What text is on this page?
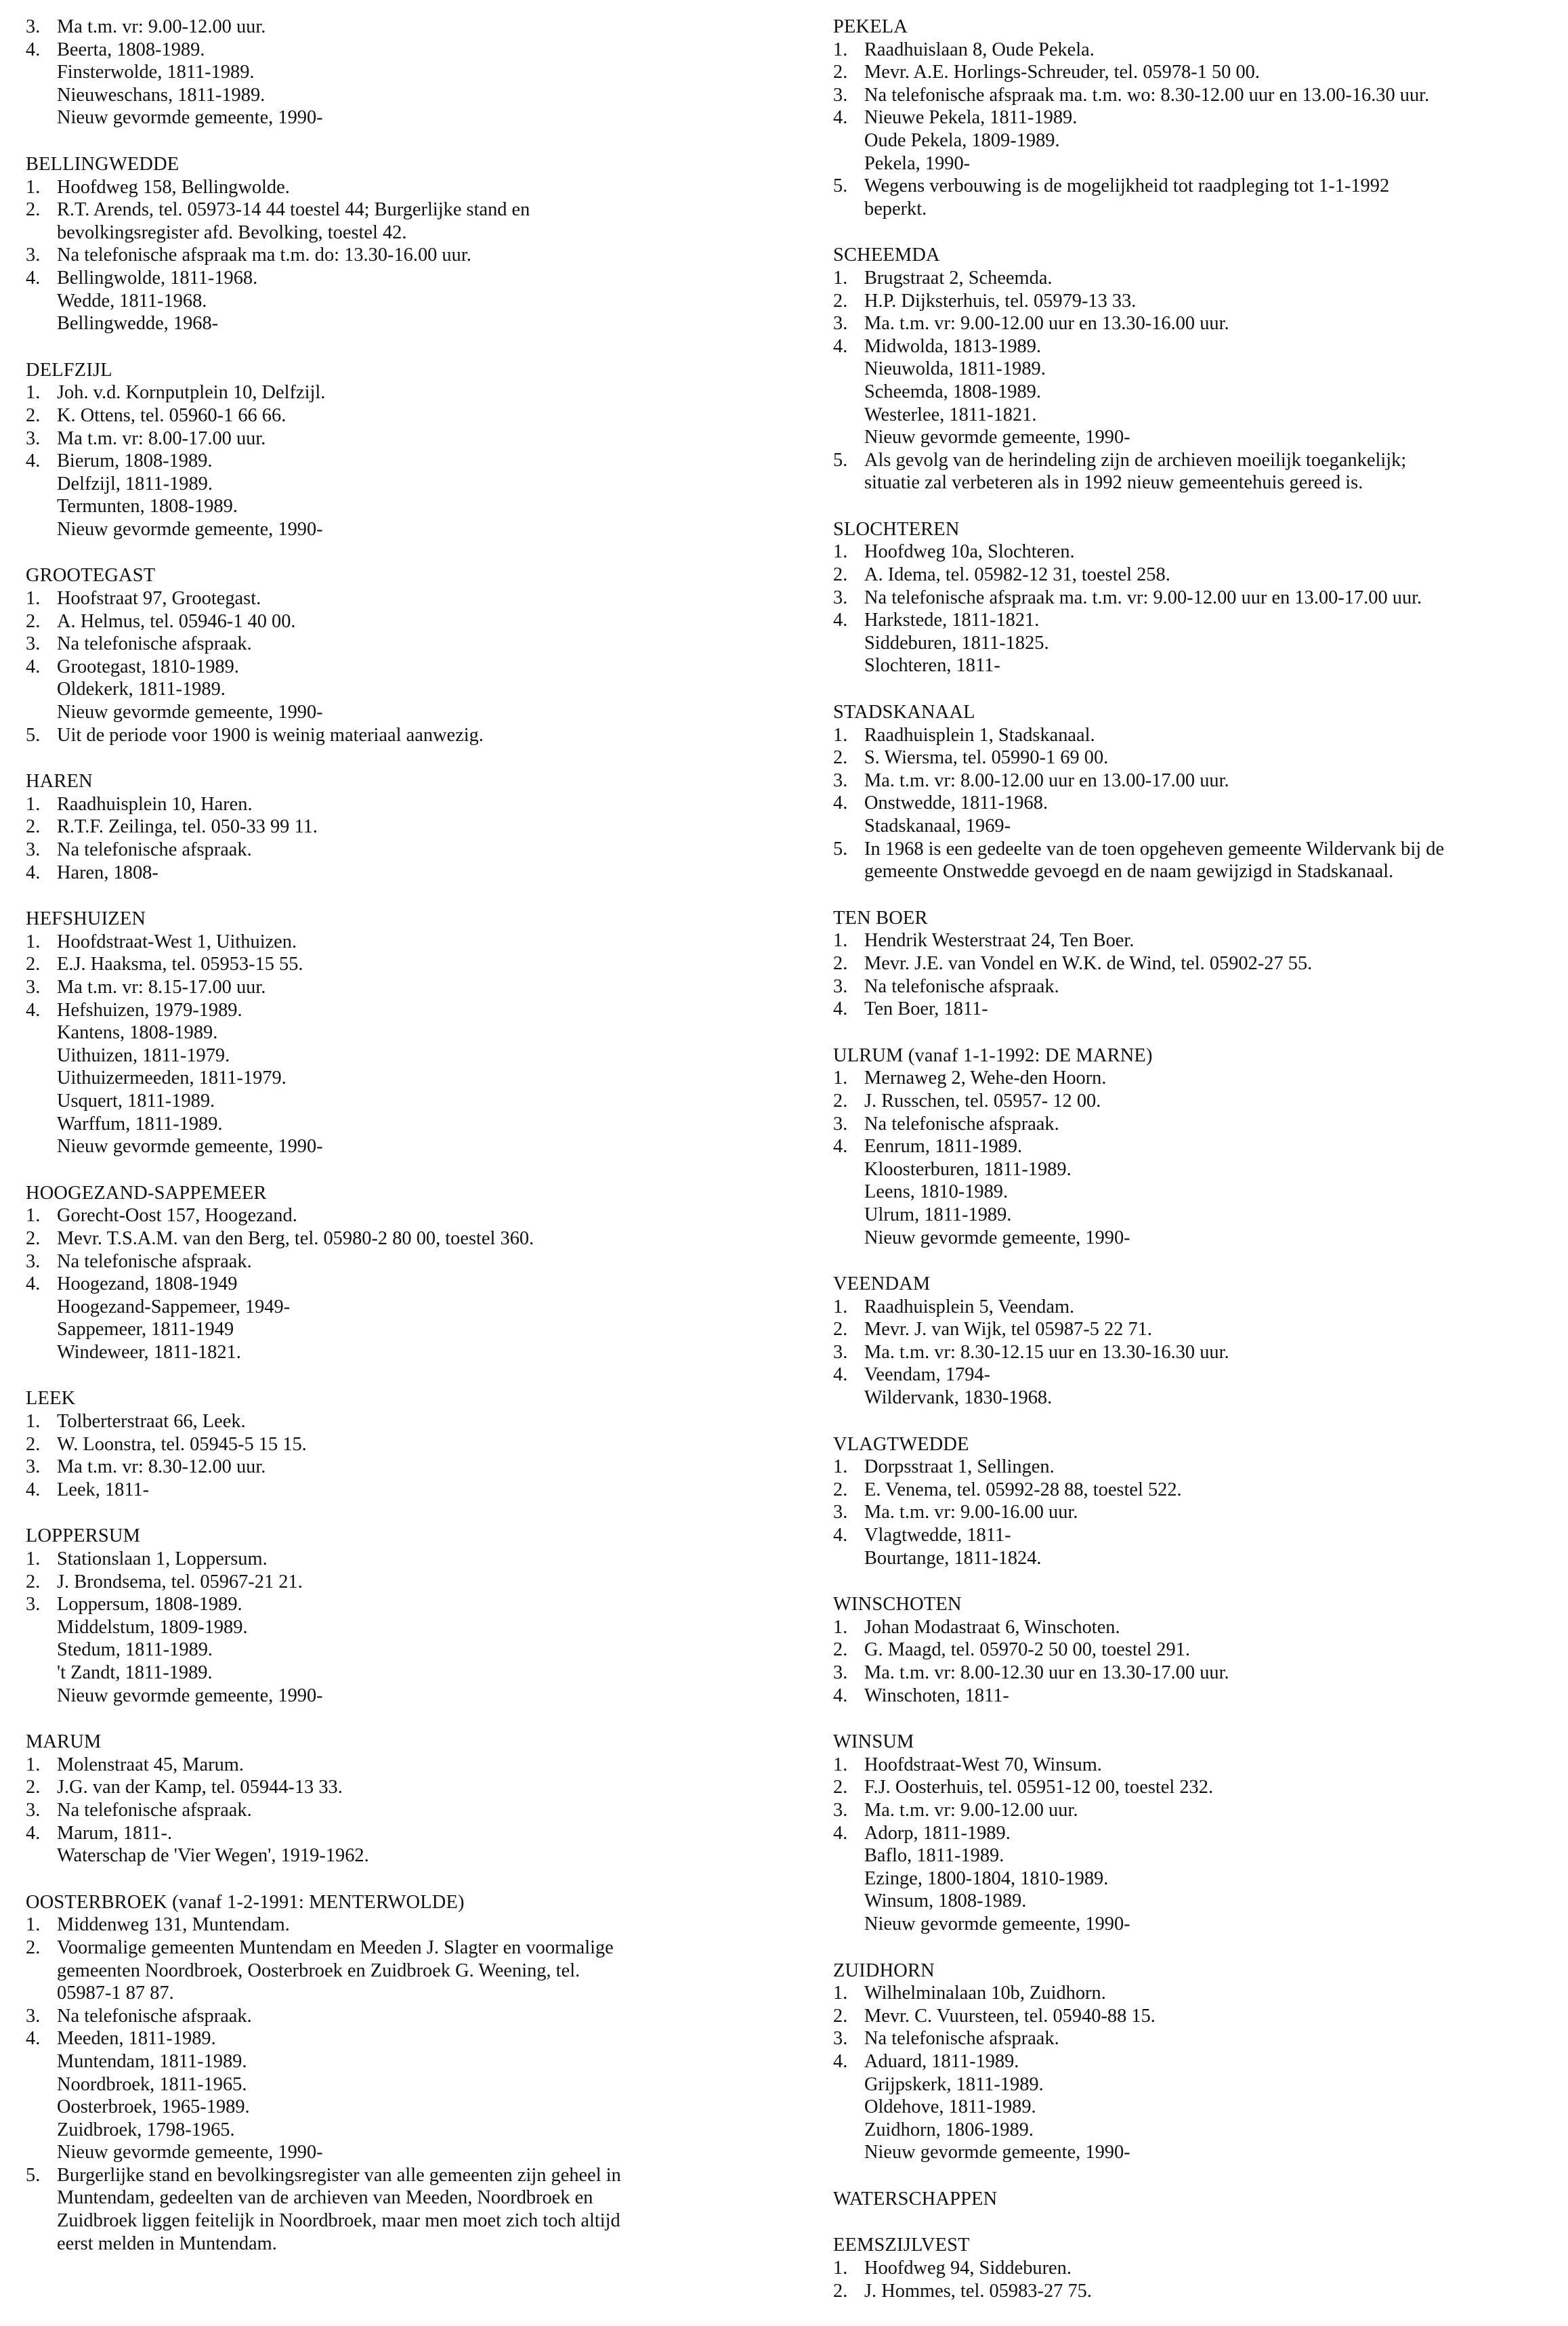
3. Ma t.m. vr: 9.00-12.00 uur.
4. Beerta, 1808-1989.
Finsterwolde, 1811-1989.
Nieuweschans, 1811-1989.
Nieuw gevormde gemeente, 1990-
BELLINGWEDDE
1. Hoofdweg 158, Bellingwolde.
2. R.T. Arends, tel. 05973-14 44 toestel 44; Burgerlijke stand en
bevolkingsregister afd. Bevolking, toestel 42.
3. Na telefonische afspraak ma t.m. do: 13.30-16.00 uur.
4. Bellingwolde, 1811-1968.
Wedde, 1811-1968.
Bellingwedde, 1968-
DELFZIJL
1. Joh. v.d. Kornputplein 10, Delfzijl.
2. K. Ottens, tel. 05960-1 66 66.
3. Ma t.m. vr: 8.00-17.00 uur.
4. Bierum, 1808-1989.
Delfzijl, 1811-1989.
Termunten, 1808-1989.
Nieuw gevormde gemeente, 1990-
GROOTEGAST
1. Hoofstraat 97, Grootegast.
2. A. Helmus, tel. 05946-1 40 00.
3. Na telefonische afspraak.
4. Grootegast, 1810-1989.
Oldekerk, 1811-1989.
Nieuw gevormde gemeente, 1990-
5. Uit de periode voor 1900 is weinig materiaal aanwezig.
HAREN
1. Raadhuisplein 10, Haren.
2. R.T.F. Zeilinga, tel. 050-33 99 11.
3. Na telefonische afspraak.
4. Haren, 1808-
HEFSHUIZEN
1. Hoofdstraat-West 1, Uithuizen.
2. E.J. Haaksma, tel. 05953-15 55.
3. Ma t.m. vr: 8.15-17.00 uur.
4. Hefshuizen, 1979-1989.
Kantens, 1808-1989.
Uithuizen, 1811-1979.
Uithuizermeeden, 1811-1979.
Usquert, 1811-1989.
Warffum, 1811-1989.
Nieuw gevormde gemeente, 1990-
HOOGEZAND-SAPPEMEER
1. Gorecht-Oost 157, Hoogezand.
2. Mevr. T.S.A.M. van den Berg, tel. 05980-2 80 00, toestel 360.
3. Na telefonische afspraak.
4. Hoogezand, 1808-1949
Hoogezand-Sappemeer, 1949-
Sappemeer, 1811-1949
Windeweer, 1811-1821.
LEEK
1. Tolberterstraat 66, Leek.
2. W. Loonstra, tel. 05945-5 15 15.
3. Ma t.m. vr: 8.30-12.00 uur.
4. Leek, 1811-
LOPPERSUM
1. Stationslaan 1, Loppersum.
2. J. Brondsema, tel. 05967-21 21.
3. Loppersum, 1808-1989.
Middelstum, 1809-1989.
Stedum, 1811-1989.
't Zandt, 1811-1989.
Nieuw gevormde gemeente, 1990-
MARUM
1. Molenstraat 45, Marum.
2. J.G. van der Kamp, tel. 05944-13 33.
3. Na telefonische afspraak.
4. Marum, 1811-.
Waterschap de 'Vier Wegen', 1919-1962.
OOSTERBROEK (vanaf 1-2-1991: MENTERWOLDE)
1. Middenweg 131, Muntendam.
2. Voormalige gemeenten Muntendam en Meeden J. Slagter en voormalige
gemeenten Noordbroek, Oosterbroek en Zuidbroek G. Weening, tel.
05987-1 87 87.
3. Na telefonische afspraak.
4. Meeden, 1811-1989.
Muntendam, 1811-1989.
Noordbroek, 1811-1965.
Oosterbroek, 1965-1989.
Zuidbroek, 1798-1965.
Nieuw gevormde gemeente, 1990-
5. Burgerlijke stand en bevolkingsregister van alle gemeenten zijn geheel in
Muntendam, gedeelten van de archieven van Meeden, Noordbroek en
Zuidbroek liggen feitelijk in Noordbroek, maar men moet zich toch altijd
eerst melden in Muntendam.
PEKELA
1. Raadhuislaan 8, Oude Pekela.
2. Mevr. A.E. Horlings-Schreuder, tel. 05978-1 50 00.
3. Na telefonische afspraak ma. t.m. wo: 8.30-12.00 uur en 13.00-16.30 uur.
4. Nieuwe Pekela, 1811-1989.
Oude Pekela, 1809-1989.
Pekela, 1990-
5. Wegens verbouwing is de mogelijkheid tot raadpleging tot 1-1-1992
beperkt.
SCHEEMDA
1. Brugstraat 2, Scheemda.
2. H.P. Dijksterhuis, tel. 05979-13 33.
3. Ma. t.m. vr: 9.00-12.00 uur en 13.30-16.00 uur.
4. Midwolda, 1813-1989.
Nieuwolda, 1811-1989.
Scheemda, 1808-1989.
Westerlee, 1811-1821.
Nieuw gevormde gemeente, 1990-
5. Als gevolg van de herindeling zijn de archieven moeilijk toegankelijk;
situatie zal verbeteren als in 1992 nieuw gemeentehuis gereed is.
SLOCHTEREN
1. Hoofdweg 10a, Slochteren.
2. A. Idema, tel. 05982-12 31, toestel 258.
3. Na telefonische afspraak ma. t.m. vr: 9.00-12.00 uur en 13.00-17.00 uur.
4. Harkstede, 1811-1821.
Siddeburen, 1811-1825.
Slochteren, 1811-
STADSKANAAL
1. Raadhuisplein 1, Stadskanaal.
2. S. Wiersma, tel. 05990-1 69 00.
3. Ma. t.m. vr: 8.00-12.00 uur en 13.00-17.00 uur.
4. Onstwedde, 1811-1968.
Stadskanaal, 1969-
5. In 1968 is een gedeelte van de toen opgeheven gemeente Wildervank bij de
gemeente Onstwedde gevoegd en de naam gewijzigd in Stadskanaal.
TEN BOER
1. Hendrik Westerstraat 24, Ten Boer.
2. Mevr. J.E. van Vondel en W.K. de Wind, tel. 05902-27 55.
3. Na telefonische afspraak.
4. Ten Boer, 1811-
ULRUM (vanaf 1-1-1992: DE MARNE)
1. Mernaweg 2, Wehe-den Hoorn.
2. J. Russchen, tel. 05957- 12 00.
3. Na telefonische afspraak.
4. Eenrum, 1811-1989.
Kloosterburen, 1811-1989.
Leens, 1810-1989.
Ulrum, 1811-1989.
Nieuw gevormde gemeente, 1990-
VEENDAM
1. Raadhuisplein 5, Veendam.
2. Mevr. J. van Wijk, tel 05987-5 22 71.
3. Ma. t.m. vr: 8.30-12.15 uur en 13.30-16.30 uur.
4. Veendam, 1794-
Wildervank, 1830-1968.
VLAGTWEDDE
1. Dorpsstraat 1, Sellingen.
2. E. Venema, tel. 05992-28 88, toestel 522.
3. Ma. t.m. vr: 9.00-16.00 uur.
4. Vlagtwedde, 1811-
Bourtange, 1811-1824.
WINSCHOTEN
1. Johan Modastraat 6, Winschoten.
2. G. Maagd, tel. 05970-2 50 00, toestel 291.
3. Ma. t.m. vr: 8.00-12.30 uur en 13.30-17.00 uur.
4. Winschoten, 1811-
WINSUM
1. Hoofdstraat-West 70, Winsum.
2. F.J. Oosterhuis, tel. 05951-12 00, toestel 232.
3. Ma. t.m. vr: 9.00-12.00 uur.
4. Adorp, 1811-1989.
Baflo, 1811-1989.
Ezinge, 1800-1804, 1810-1989.
Winsum, 1808-1989.
Nieuw gevormde gemeente, 1990-
ZUIDHORN
1. Wilhelminalaan 10b, Zuidhorn.
2. Mevr. C. Vuursteen, tel. 05940-88 15.
3. Na telefonische afspraak.
4. Aduard, 1811-1989.
Grijpskerk, 1811-1989.
Oldehove, 1811-1989.
Zuidhorn, 1806-1989.
Nieuw gevormde gemeente, 1990-
WATERSCHAPPEN
EEMSZIJLVEST
1. Hoofdweg 94, Siddeburen.
2. J. Hommes, tel. 05983-27 75.
